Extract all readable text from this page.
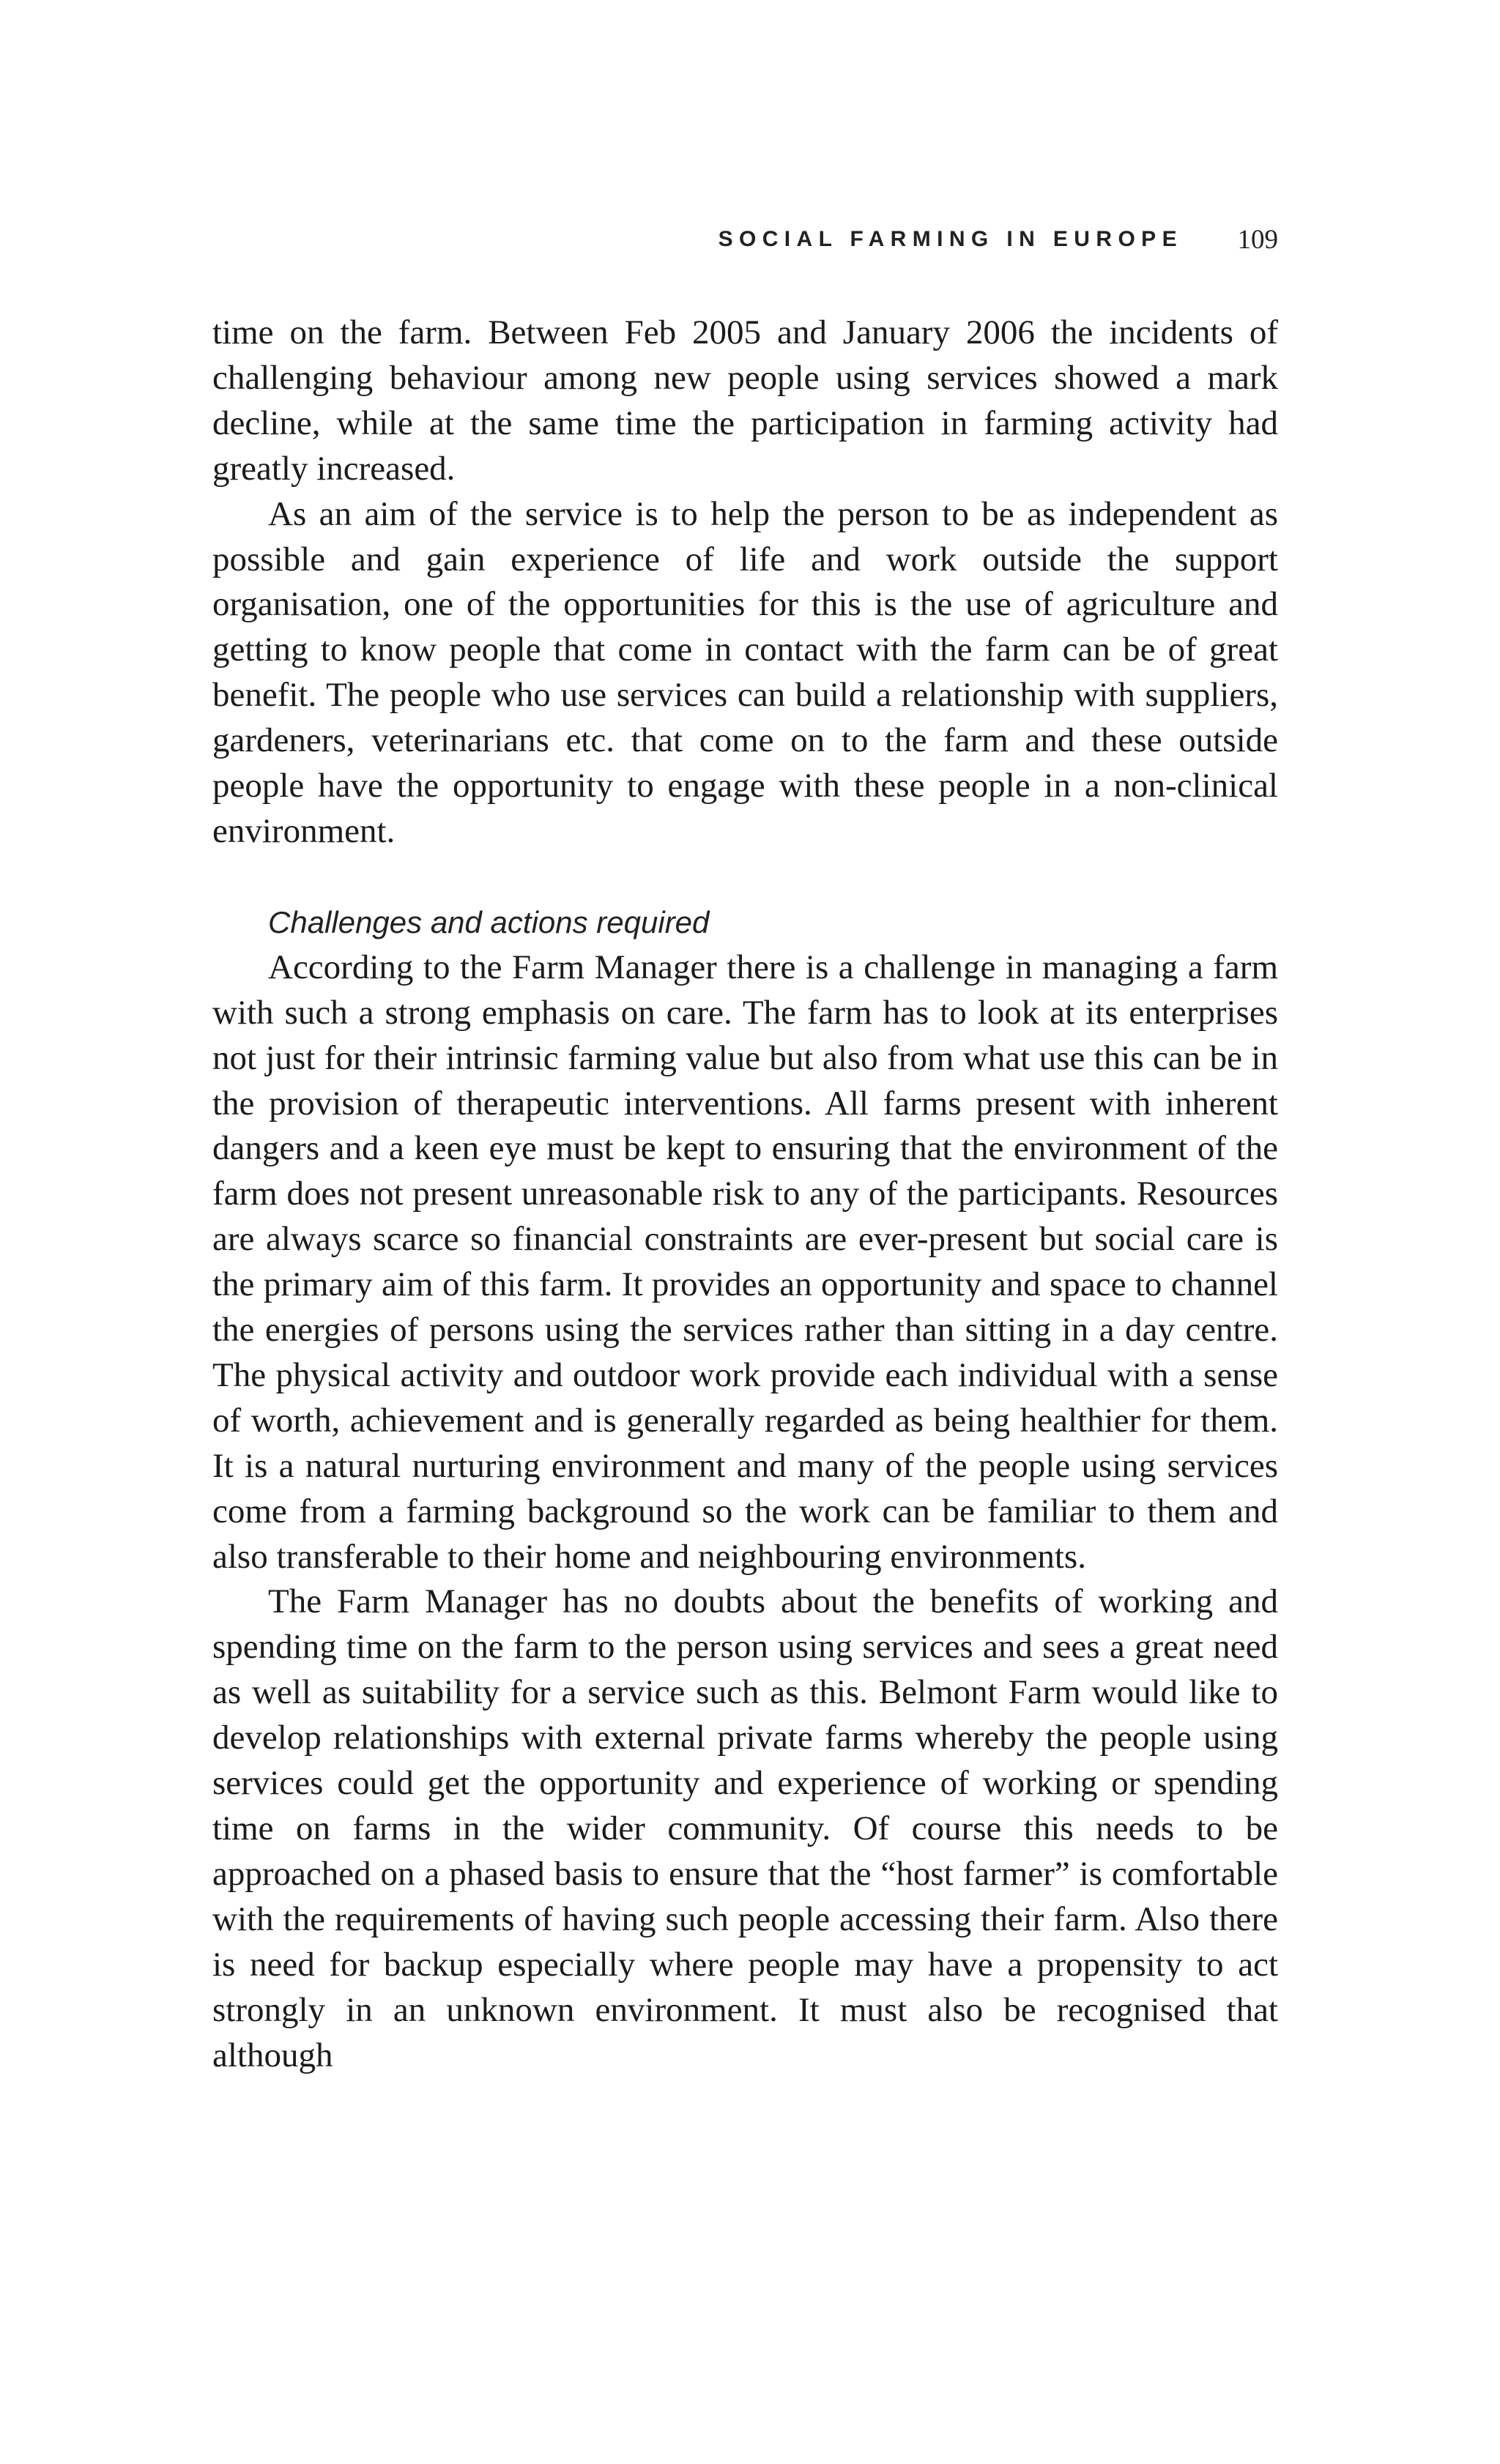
SOCIAL FARMING IN EUROPE 109

time on the farm. Between Feb 2005 and January 2006 the incidents of challenging behaviour among new people using services showed a mark decline, while at the same time the participation in farming activity had greatly increased.

As an aim of the service is to help the person to be as independent as possible and gain experience of life and work outside the support organisation, one of the opportunities for this is the use of agriculture and getting to know people that come in contact with the farm can be of great benefit. The people who use services can build a relationship with suppliers, gardeners, veterinarians etc. that come on to the farm and these outside people have the opportunity to engage with these people in a non-clinical environment.

Challenges and actions required

According to the Farm Manager there is a challenge in managing a farm with such a strong emphasis on care. The farm has to look at its enterprises not just for their intrinsic farming value but also from what use this can be in the provision of therapeutic interventions. All farms present with inherent dangers and a keen eye must be kept to ensuring that the environment of the farm does not present unreasonable risk to any of the participants. Resources are always scarce so financial constraints are ever-present but social care is the primary aim of this farm. It provides an opportunity and space to channel the energies of persons using the services rather than sitting in a day centre. The physical activity and outdoor work provide each individual with a sense of worth, achievement and is generally regarded as being healthier for them. It is a natural nurturing environment and many of the people using services come from a farming background so the work can be familiar to them and also transferable to their home and neighbouring environments.

The Farm Manager has no doubts about the benefits of working and spending time on the farm to the person using services and sees a great need as well as suitability for a service such as this. Belmont Farm would like to develop relationships with external private farms whereby the people using services could get the opportunity and experience of working or spending time on farms in the wider community. Of course this needs to be approached on a phased basis to ensure that the “host farmer” is comfortable with the requirements of having such people accessing their farm. Also there is need for backup especially where people may have a propensity to act strongly in an unknown environment. It must also be recognised that although
